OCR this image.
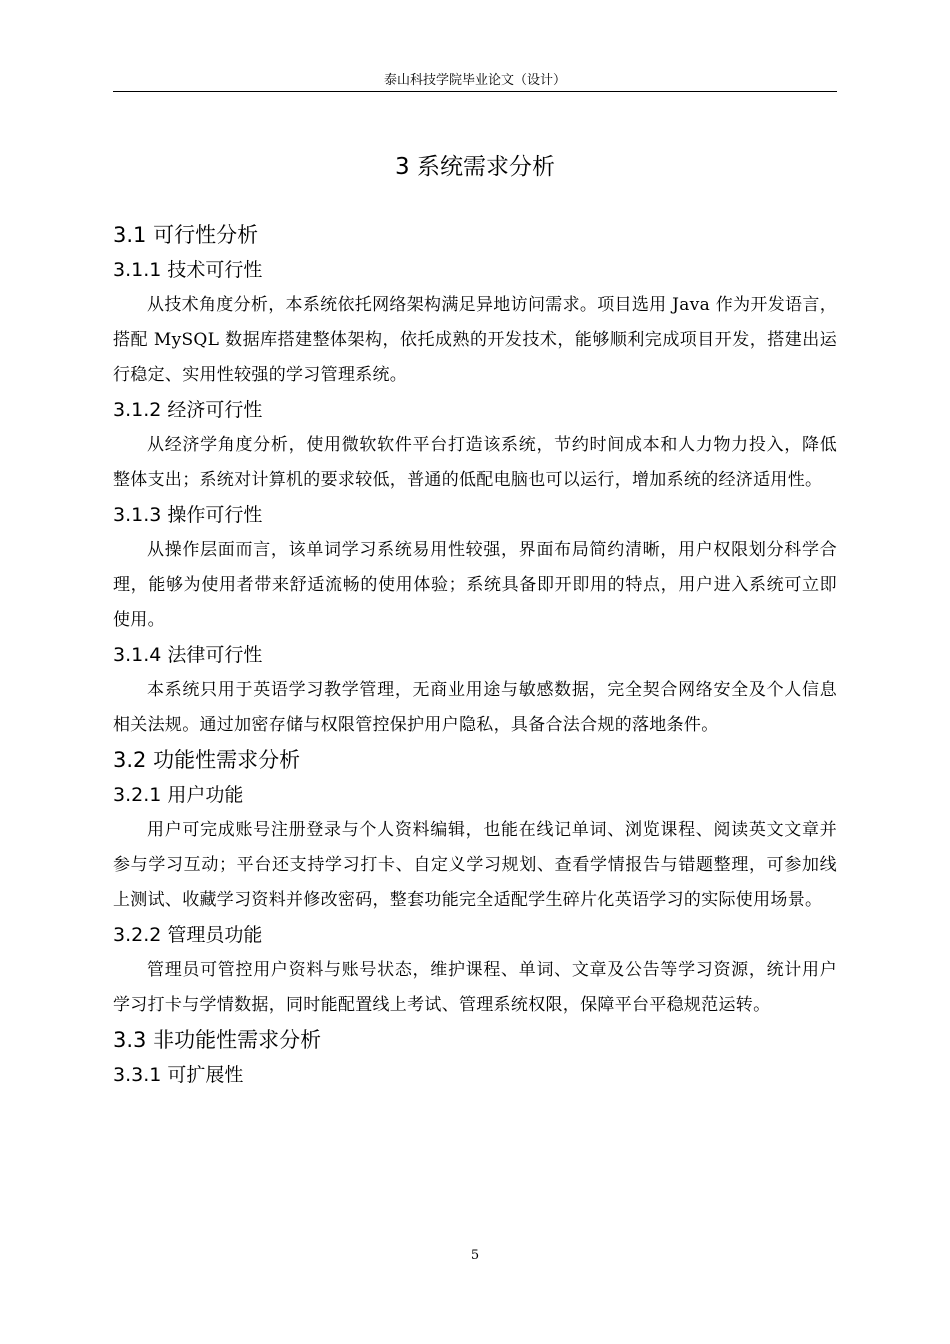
泰山科技学院毕业论文（设计）
3 系统需求分析
3.1 可行性分析
3.1.1 技术可行性

从技术角度分析，本系统依托网络架构满足异地访问需求。项目选用 Java 作为开发语言，搭配 MySQL 数据库搭建整体架构，依托成熟的开发技术，能够顺利完成项目开发，搭建出运行稳定、实用性较强的学习管理系统。

3.1.2 经济可行性

从经济学角度分析，使用微软软件平台打造该系统，节约时间成本和人力物力投入，降低整体支出；系统对计算机的要求较低，普通的低配电脑也可以运行，增加系统的经济适用性。

3.1.3 操作可行性

从操作层面而言，该单词学习系统易用性较强，界面布局简约清晰，用户权限划分科学合理，能够为使用者带来舒适流畅的使用体验；系统具备即开即用的特点，用户进入系统可立即使用。

3.1.4 法律可行性

本系统只用于英语学习教学管理，无商业用途与敏感数据，完全契合网络安全及个人信息相关法规。通过加密存储与权限管控保护用户隐私，具备合法合规的落地条件。

3.2 功能性需求分析
3.2.1 用户功能

用户可完成账号注册登录与个人资料编辑，也能在线记单词、浏览课程、阅读英文文章并参与学习互动；平台还支持学习打卡、自定义学习规划、查看学情报告与错题整理，可参加线上测试、收藏学习资料并修改密码，整套功能完全适配学生碎片化英语学习的实际使用场景。

3.2.2 管理员功能

管理员可管控用户资料与账号状态，维护课程、单词、文章及公告等学习资源，统计用户学习打卡与学情数据，同时能配置线上考试、管理系统权限，保障平台平稳规范运转。

3.3 非功能性需求分析
3.3.1 可扩展性
5
